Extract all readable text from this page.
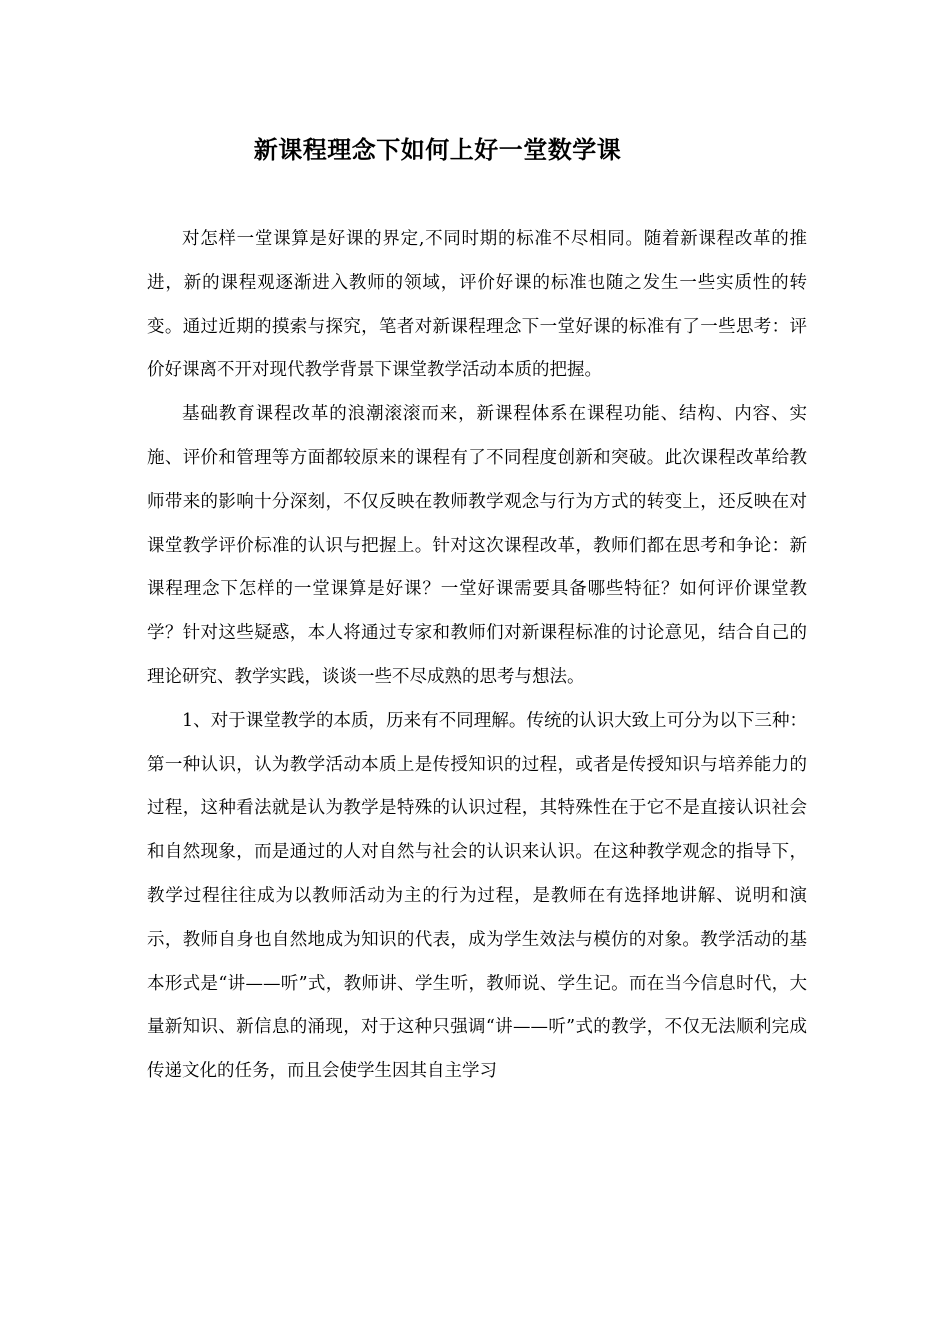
新课程理念下如何上好一堂数学课

对怎样一堂课算是好课的界定,不同时期的标准不尽相同。随着新课程改革的推进，新的课程观逐渐进入教师的领域，评价好课的标准也随之发生一些实质性的转变。通过近期的摸索与探究，笔者对新课程理念下一堂好课的标准有了一些思考：评价好课离不开对现代教学背景下课堂教学活动本质的把握。

基础教育课程改革的浪潮滚滚而来，新课程体系在课程功能、结构、内容、实施、评价和管理等方面都较原来的课程有了不同程度创新和突破。此次课程改革给教师带来的影响十分深刻，不仅反映在教师教学观念与行为方式的转变上，还反映在对课堂教学评价标准的认识与把握上。针对这次课程改革，教师们都在思考和争论：新课程理念下怎样的一堂课算是好课？一堂好课需要具备哪些特征？如何评价课堂教学？针对这些疑惑，本人将通过专家和教师们对新课程标准的讨论意见，结合自己的理论研究、教学实践，谈谈一些不尽成熟的思考与想法。

1、对于课堂教学的本质，历来有不同理解。传统的认识大致上可分为以下三种：第一种认识，认为教学活动本质上是传授知识的过程，或者是传授知识与培养能力的过程，这种看法就是认为教学是特殊的认识过程，其特殊性在于它不是直接认识社会和自然现象，而是通过的人对自然与社会的认识来认识。在这种教学观念的指导下，教学过程往往成为以教师活动为主的行为过程，是教师在有选择地讲解、说明和演示，教师自身也自然地成为知识的代表，成为学生效法与模仿的对象。教学活动的基本形式是“讲——听”式，教师讲、学生听，教师说、学生记。而在当今信息时代，大量新知识、新信息的涌现，对于这种只强调“讲——听”式的教学，不仅无法顺利完成传递文化的任务，而且会使学生因其自主学习
